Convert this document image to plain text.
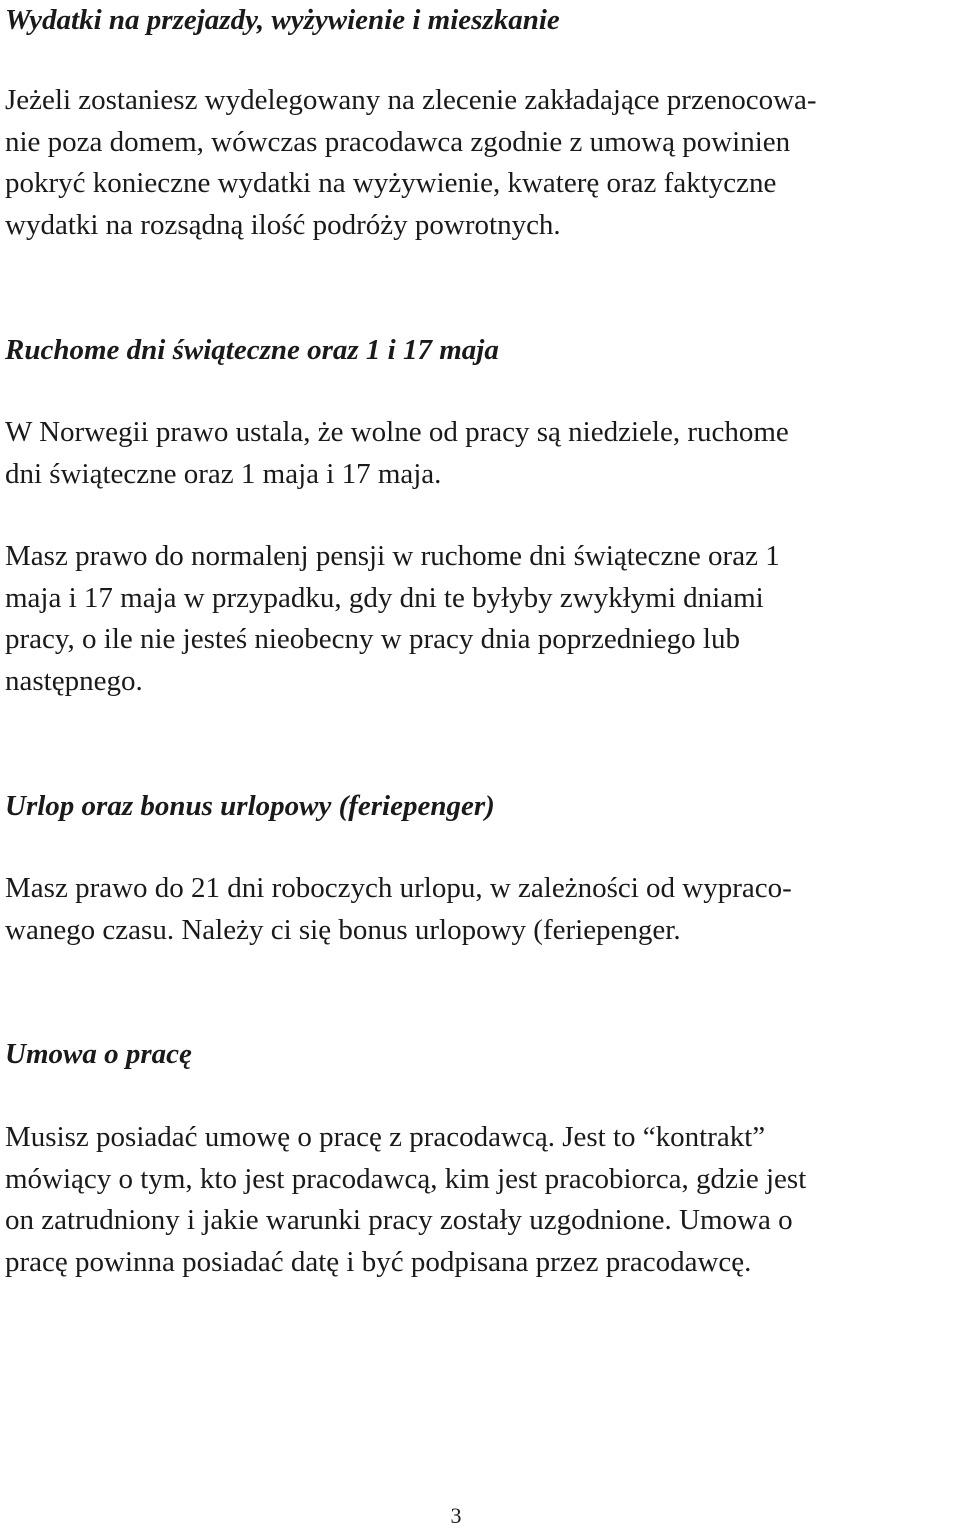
Wydatki na przejazdy, wyżywienie i mieszkanie
Jeżeli zostaniesz wydelegowany na zlecenie zakładające przenocowa-
nie poza domem, wówczas pracodawca zgodnie z umową powinien
pokryć konieczne wydatki na wyżywienie, kwaterę oraz faktyczne
wydatki na rozsądną ilość podróży powrotnych.
Ruchome dni świąteczne oraz 1 i 17 maja
W Norwegii prawo ustala, że wolne od pracy są niedziele, ruchome
dni świąteczne oraz 1 maja i 17 maja.
Masz prawo do normalenj pensji w ruchome dni świąteczne oraz 1
maja i 17 maja w przypadku, gdy dni te byłyby zwykłymi dniami
pracy, o ile nie jesteś nieobecny w pracy dnia poprzedniego lub
następnego.
Urlop oraz bonus urlopowy (feriepenger)
Masz prawo do 21 dni roboczych urlopu, w zależności od wypraco-
wanego czasu. Należy ci się bonus urlopowy (feriepenger.
Umowa o pracę
Musisz posiadać umowę o pracę z pracodawcą. Jest to “kontrakt”
mówiący o tym, kto jest pracodawcą, kim jest pracobiorca, gdzie jest
on zatrudniony i jakie warunki pracy zostały uzgodnione. Umowa o
pracę powinna posiadać datę i być podpisana przez pracodawcę.
3
